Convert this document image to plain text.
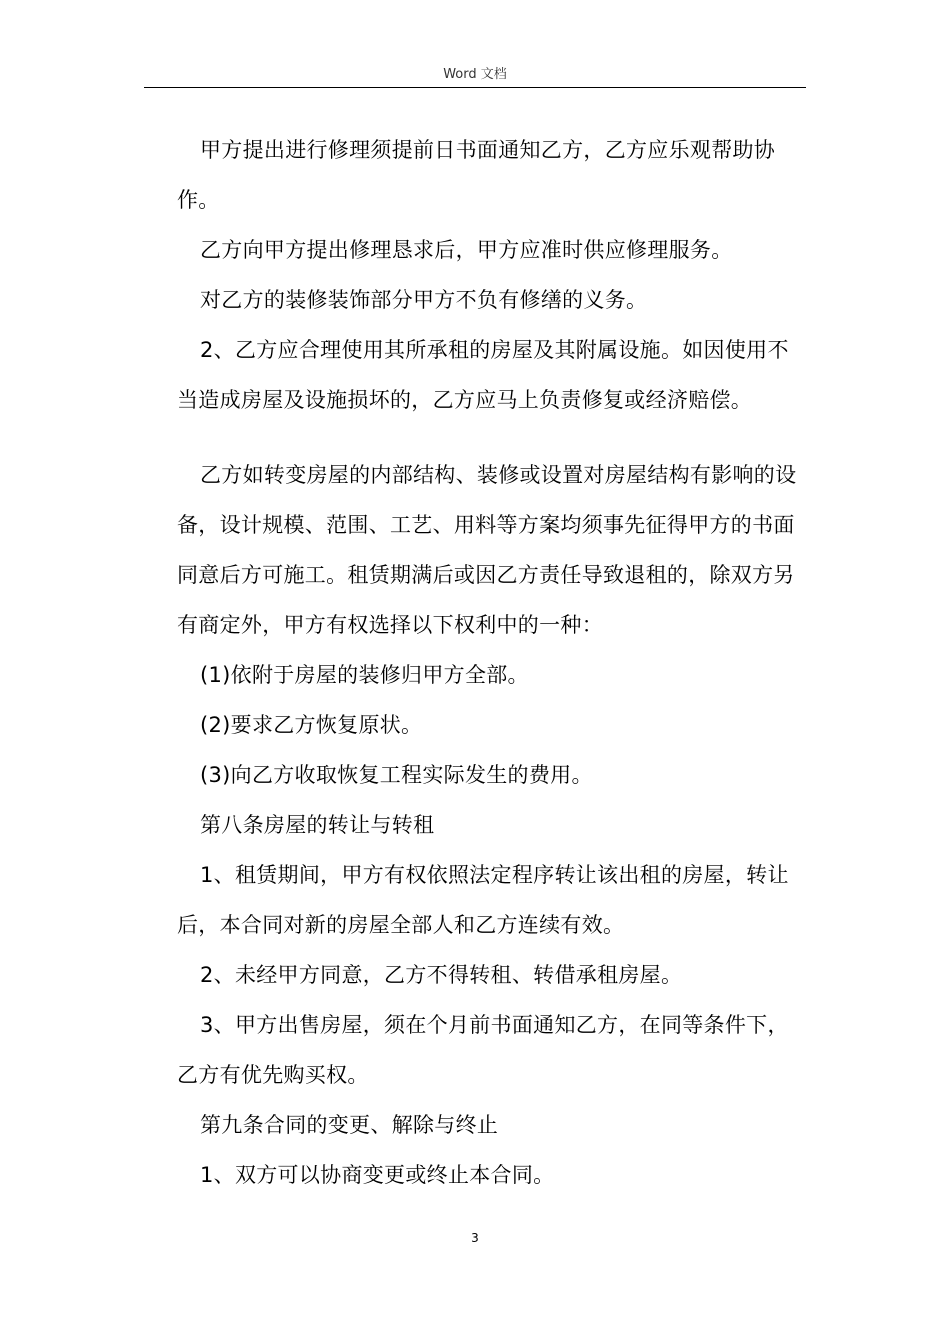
Word 文档

甲方提出进行修理须提前日书面通知乙方，乙方应乐观帮助协作。

乙方向甲方提出修理恳求后，甲方应准时供应修理服务。

对乙方的装修装饰部分甲方不负有修缮的义务。

2、乙方应合理使用其所承租的房屋及其附属设施。如因使用不当造成房屋及设施损坏的，乙方应马上负责修复或经济赔偿。

乙方如转变房屋的内部结构、装修或设置对房屋结构有影响的设备，设计规模、范围、工艺、用料等方案均须事先征得甲方的书面同意后方可施工。租赁期满后或因乙方责任导致退租的，除双方另有商定外，甲方有权选择以下权利中的一种：

(1)依附于房屋的装修归甲方全部。

(2)要求乙方恢复原状。

(3)向乙方收取恢复工程实际发生的费用。

第八条房屋的转让与转租

1、租赁期间，甲方有权依照法定程序转让该出租的房屋，转让后，本合同对新的房屋全部人和乙方连续有效。

2、未经甲方同意，乙方不得转租、转借承租房屋。

3、甲方出售房屋，须在个月前书面通知乙方，在同等条件下，乙方有优先购买权。

第九条合同的变更、解除与终止

1、双方可以协商变更或终止本合同。

3
